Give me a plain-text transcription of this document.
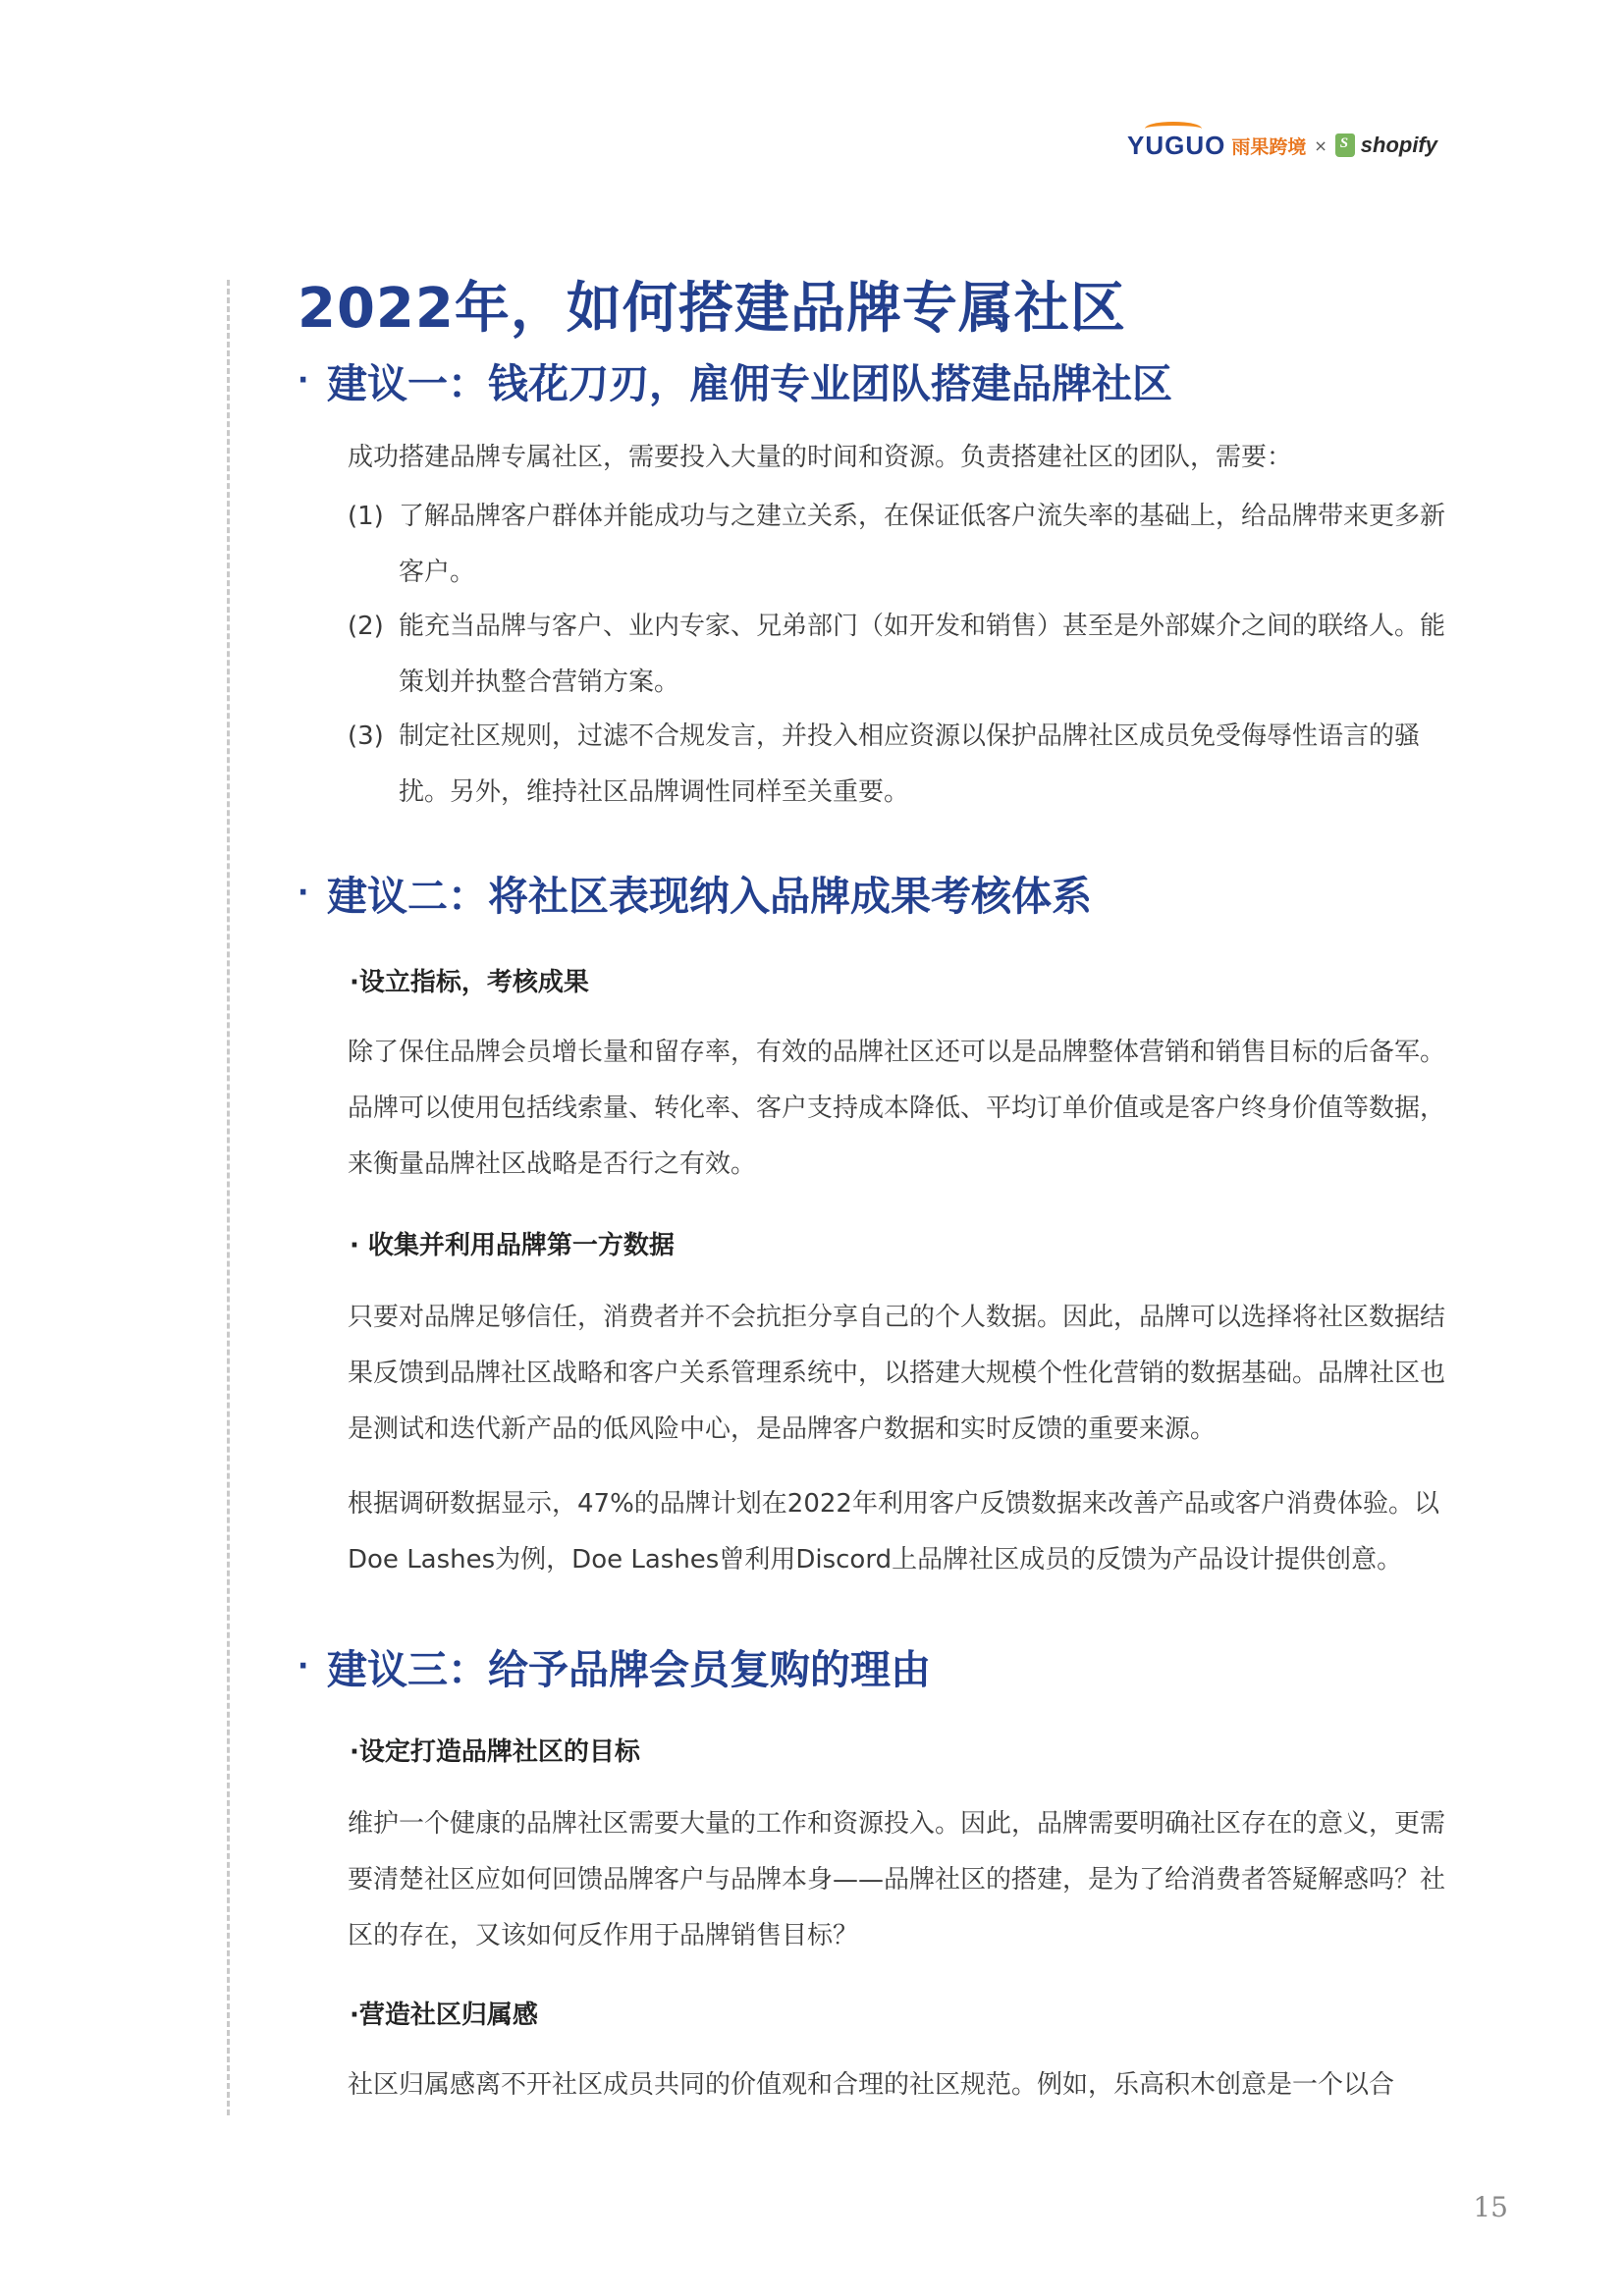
YUGUO 雨果跨境 ×
S shopify
2022年，如何搭建品牌专属社区
· 建议一：钱花刀刃，雇佣专业团队搭建品牌社区

成功搭建品牌专属社区，需要投入大量的时间和资源。负责搭建社区的团队，需要：

(1) 了解品牌客户群体并能成功与之建立关系，在保证低客户流失率的基础上，给品牌带来更多新客户。
(2) 能充当品牌与客户、业内专家、兄弟部门（如开发和销售）甚至是外部媒介之间的联络人。能策划并执整合营销方案。
(3) 制定社区规则，过滤不合规发言，并投入相应资源以保护品牌社区成员免受侮辱性语言的骚扰。另外，维持社区品牌调性同样至关重要。
· 建议二：将社区表现纳入品牌成果考核体系

·设立指标，考核成果

除了保住品牌会员增长量和留存率，有效的品牌社区还可以是品牌整体营销和销售目标的后备军。品牌可以使用包括线索量、转化率、客户支持成本降低、平均订单价值或是客户终身价值等数据，来衡量品牌社区战略是否行之有效。

· 收集并利用品牌第一方数据

只要对品牌足够信任，消费者并不会抗拒分享自己的个人数据。因此，品牌可以选择将社区数据结果反馈到品牌社区战略和客户关系管理系统中，以搭建大规模个性化营销的数据基础。品牌社区也是测试和迭代新产品的低风险中心，是品牌客户数据和实时反馈的重要来源。

根据调研数据显示，47%的品牌计划在2022年利用客户反馈数据来改善产品或客户消费体验。以Doe Lashes为例，Doe Lashes曾利用Discord上品牌社区成员的反馈为产品设计提供创意。

· 建议三：给予品牌会员复购的理由

·设定打造品牌社区的目标

维护一个健康的品牌社区需要大量的工作和资源投入。因此，品牌需要明确社区存在的意义，更需要清楚社区应如何回馈品牌客户与品牌本身——品牌社区的搭建，是为了给消费者答疑解惑吗？社区的存在，又该如何反作用于品牌销售目标？

·营造社区归属感

社区归属感离不开社区成员共同的价值观和合理的社区规范。例如，乐高积木创意是一个以合

15
